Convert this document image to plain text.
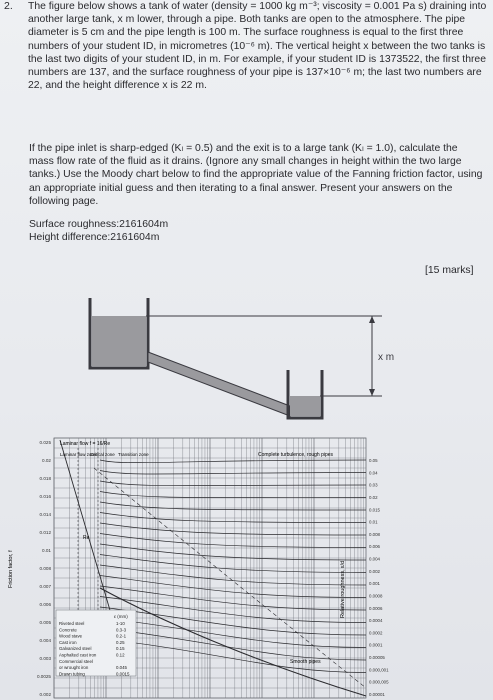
2. The figure below shows a tank of water (density = 1000 kg m⁻³; viscosity = 0.001 Pa s) draining into another large tank, x m lower, through a pipe. Both tanks are open to the atmosphere. The pipe diameter is 5 cm and the pipe length is 100 m. The surface roughness is equal to the first three numbers of your student ID, in micrometres (10⁻⁶ m). The vertical height x between the two tanks is the last two digits of your student ID, in m. For example, if your student ID is 1373522, the first three numbers are 137, and the surface roughness of your pipe is 137×10⁻⁶ m; the last two numbers are 22, and the height difference x is 22 m.

If the pipe inlet is sharp-edged (Kₗ = 0.5) and the exit is to a large tank (Kₗ = 1.0), calculate the mass flow rate of the fluid as it drains. (Ignore any small changes in height within the two large tanks.) Use the Moody chart below to find the appropriate value of the Fanning friction factor, using an appropriate initial guess and then iterating to a final answer. Present your answers on the following page.

Surface roughness:2161604m
Height difference:2161604m
[15 marks]
x m
Friction factor, f	Relative roughness, ε/d
Laminar flow f = 16/Re
Laminar flow zone
Critical zone Transition zone	Complete turbulence, rough pipes
Smooth pipes
Re
ε (mm)
Riveted steel	1-10
Concrete	0.3-3
Wood stave	0.2-1
Cast iron	0.25
Galvanized steel	0.15
Asphalted cast iron	0.12
Commercial steel
or wrought iron	0.045
Drawn tubing	0.0015
0.025
0.02
0.018
0.016
0.014
0.012
0.01
0.008
0.007
0.006
0.005
0.004
0.003
0.0025
0.002
0.05
0.04
0.03
0.02
0.015
0.01
0.008
0.006
0.004
0.002
0.001
0.0008
0.0006
0.0004
0.0002
0.0001
0.00005
0.000,001
0.000,005
0.00001
